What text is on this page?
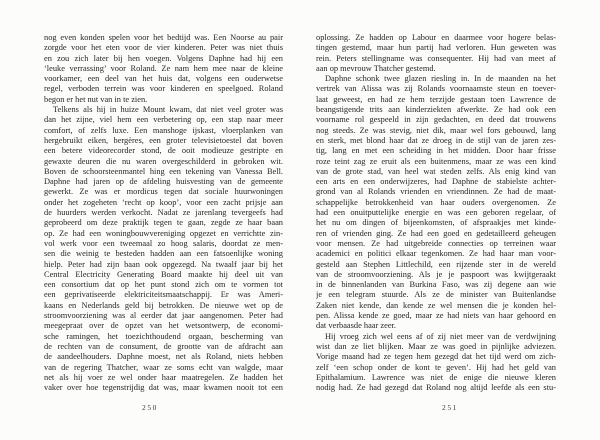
nog even konden spelen voor het bedtijd was. Een Noorse au pair
zorgde voor het eten voor de vier kinderen. Peter was niet thuis
en zou zich later bij hen voegen. Volgens Daphne had hij een
‘leuke verrassing’ voor Roland. Ze nam hem mee naar de kleine
voorkamer, een deel van het huis dat, volgens een ouderwetse
regel, verboden terrein was voor kinderen en speelgoed. Roland
begon er het nut van in te zien.
Telkens als hij in huize Mount kwam, dat niet veel groter was
dan het zijne, viel hem een verbetering op, een stap naar meer
comfort, of zelfs luxe. Een manshoge ijskast, vloerplanken van
hergebruikt eiken, bergères, een groter televisietoestel dat boven
een betere videorecorder stond, de ooit modieuze gestripte en
gewaxte deuren die nu waren overgeschilderd in gebroken wit.
Boven de schoorsteenmantel hing een tekening van Vanessa Bell.
Daphne had jaren op de afdeling huisvesting van de gemeente
gewerkt. Ze was er mordicus tegen dat sociale huurwoningen
onder het zogeheten ‘recht op koop’, voor een zacht prijsje aan
de huurders werden verkocht. Nadat ze jarenlang tevergeefs had
geprobeerd om deze praktijk tegen te gaan, zegde ze haar baan
op. Ze had een woningbouwvereniging opgezet en verrichtte zin-
vol werk voor een tweemaal zo hoog salaris, doordat ze men-
sen die weinig te besteden hadden aan een fatsoenlijke woning
hielp. Peter had zijn baan ook opgezegd. Na twaalf jaar bij het
Central Electricity Generating Board maakte hij deel uit van
een consortium dat op het punt stond zich om te vormen tot
een geprivatiseerde elektriciteitsmaatschappij. Er was Ameri-
kaans en Nederlands geld bij betrokken. De nieuwe wet op de
stroomvoorziening was al eerder dat jaar aangenomen. Peter had
meegepraat over de opzet van het wetsontwerp, de economi-
sche ramingen, het toezichthoudend orgaan, bescherming van
de rechten van de consument, de grootte van de afdracht aan
de aandeelhouders. Daphne moest, net als Roland, niets hebben
van de regering Thatcher, waar ze soms echt van walgde, maar
net als hij voer ze wel onder haar maatregelen. Ze hadden het
vaker over hoe tegenstrijdig dat was, maar kwamen nooit tot een
250
oplossing. Ze hadden op Labour en daarmee voor hogere belas-
tingen gestemd, maar hun partij had verloren. Hun geweten was
rein. Peters stellingname was consequenter. Hij had van meet af
aan op mevrouw Thatcher gestemd.
Daphne schonk twee glazen riesling in. In de maanden na het
vertrek van Alissa was zij Rolands voornaamste steun en toever-
laat geweest, en had ze hem terzijde gestaan toen Lawrence de
beangstigende trits aan kinderziekten afwerkte. Ze had ook een
voorname rol gespeeld in zijn gedachten, en deed dat trouwens
nog steeds. Ze was stevig, niet dik, maar wel fors gebouwd, lang
en sterk, met blond haar dat ze droeg in de stijl van de jaren zes-
tig, lang en met een scheiding in het midden. Door haar frisse
roze teint zag ze eruit als een buitenmens, maar ze was een kind
van de grote stad, van heel wat steden zelfs. Als enig kind van
een arts en een onderwijzeres, had Daphne de stabielste achter-
grond van al Rolands vrienden en vriendinnen. Ze had de maat-
schappelijke betrokkenheid van haar ouders overgenomen. Ze
had een onuitputtelijke energie en was een geboren regelaar, of
het nu om dingen of bijeenkomsten, of afspraakjes met kinde-
ren of vrienden ging. Ze had een goed en gedetailleerd geheugen
voor mensen. Ze had uitgebreide connecties op terreinen waar
academici en politici elkaar tegenkomen. Ze had haar man voor-
gesteld aan Stephen Littlechild, een rijzende ster in de wereld
van de stroomvoorziening. Als je je paspoort was kwijtgeraakt
in de binnenlanden van Burkina Faso, was zij degene aan wie
je een telegram stuurde. Als ze de minister van Buitenlandse
Zaken niet kende, dan kende ze wel mensen die je konden hel-
pen. Alissa kende ze goed, maar ze had niets van haar gehoord en
dat verbaasde haar zeer.
Hij vroeg zich wel eens af of zij niet meer van de verdwijning
wist dan ze liet blijken. Maar ze was goed in pijnlijke adviezen.
Vorige maand had ze tegen hem gezegd dat het tijd werd om zich-
zelf ‘een schop onder de kont te geven’. Hij had het geld van
Epithalamium. Lawrence was niet de enige die nieuwe kleren
nodig had. Ze had gezegd dat Roland nog altijd leefde als een stu-
251
